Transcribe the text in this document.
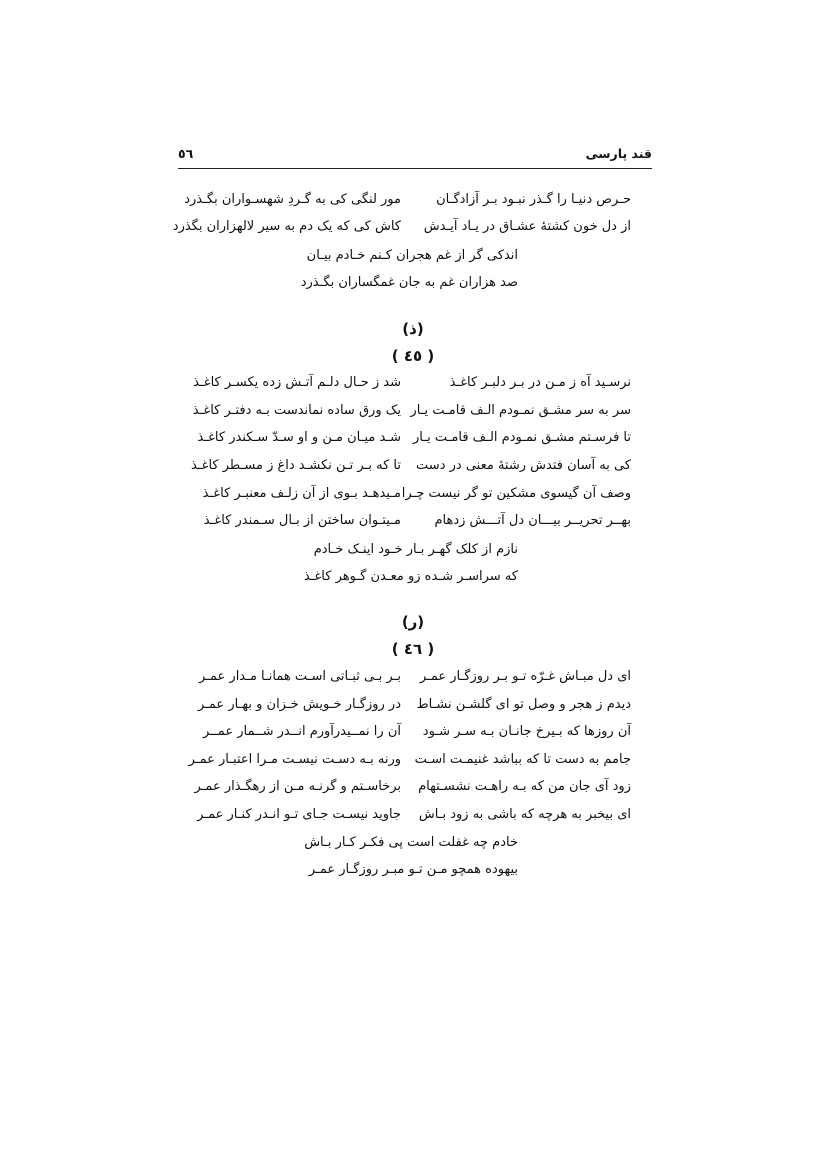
قند پارسی
٥٦
حـرص دنیـا را گـذر نبـود بـر آزادگـان
مور لنگی کی به گـردِ شهسـواران بگـذرد
از دل خون کشتهٔ عشـاق در یـاد آیـدش
کاش کی که یک دم به سیر لالهزاران بگذرد
اندکی گر از غم هجران کـنم خـادم بیـان
صد هزاران غم به جان غمگساران بگـذرد
(ذ)
( ٤٥ )
نرسـید آه ز مـن در بـر دلبـر کاغـذ
شد ز حـال دلـم آتـش زده یکسـر کاغـذ
سر به سر مشـق نمـودم الـف قامـت یـار
یک ورق ساده نماندست بـه دفتـر کاغـذ
تا فرسـتم مشـق نمـودم الـف قامـت یـار
شـد میـان مـن و او سـدّ سـکندر کاغـذ
کی به آسان فتدش رشتهٔ معنی در دست
تا که بـر تـن نکشـد داغ ز مسـطر کاغـذ
وصف آن گیسوی مشکین تو گر نیست چـرا
مـیدهـد بـوی از آن زلـف معنبـر کاغـذ
بهــر تحریــر بیـــان دل آتـــش زدهام
مـیتـوان ساختن از بـال سـمندر کاغـذ
نازم از کلک گهـر بـار خـود اینـک خـادم
که سراسـر شـده زو معـدن گـوهر کاغـذ
(ر)
( ٤٦ )
ای دل مبـاش غـرّه تـو بـر روزگـار عمـر
بـر بـی ثبـاتی اسـت همانـا مـدار عمـر
دیدم ز هجر و وصل تو ای گلشـن نشـاط
در روزگـار خـویش خـزان و بهـار عمـر
آن روزها که بـیرخ جانـان بـه سـر شـود
آن را نمــیدرآورم انــدر شــمار عمــر
جامم به دست تا که بباشد غنیمـت اسـت
ورنه بـه دسـت نیسـت مـرا اعتبـار عمـر
زود آی جان من که بـه راهـت نشسـتهام
برخاسـتم و گرنـه مـن از رهگـذار عمـر
ای بیخبر به هرچه که باشی به زود بـاش
جاوید نیسـت جـای تـو انـدر کنـار عمـر
خادم چه غفلت است پی فکـر کـار بـاش
بیهوده همچو مـن تـو مبـر روزگـار عمـر
